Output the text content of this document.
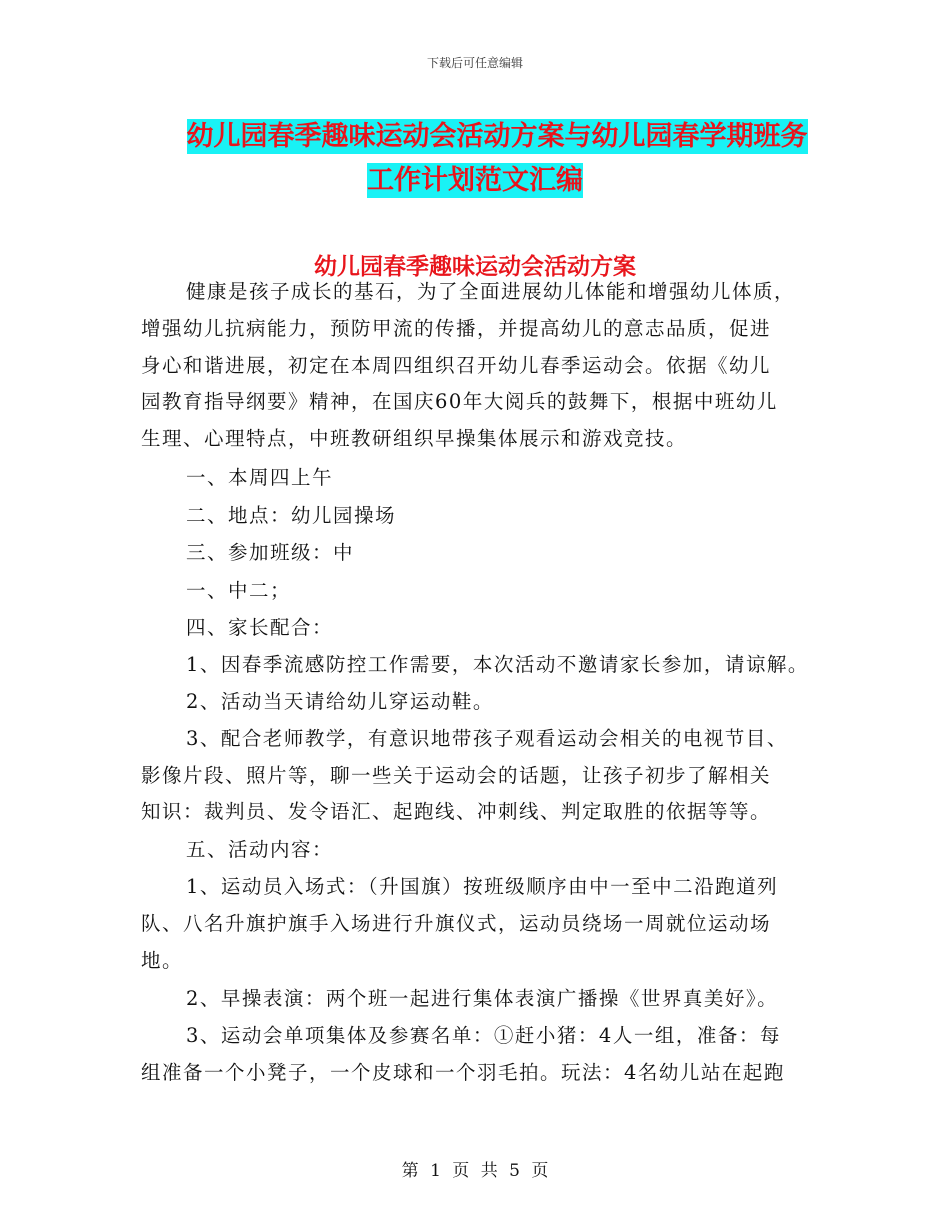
下载后可任意编辑
幼儿园春季趣味运动会活动方案与幼儿园春学期班务
工作计划范文汇编
幼儿园春季趣味运动会活动方案
健康是孩子成长的基石，为了全面进展幼儿体能和增强幼儿体质，
增强幼儿抗病能力，预防甲流的传播，并提高幼儿的意志品质，促进
身心和谐进展，初定在本周四组织召开幼儿春季运动会。依据《幼儿
园教育指导纲要》精神，在国庆60年大阅兵的鼓舞下，根据中班幼儿
生理、心理特点，中班教研组织早操集体展示和游戏竞技。
一、本周四上午
二、地点：幼儿园操场
三、参加班级：中
一、中二；
四、家长配合：
1、因春季流感防控工作需要，本次活动不邀请家长参加，请谅解。
2、活动当天请给幼儿穿运动鞋。
3、配合老师教学，有意识地带孩子观看运动会相关的电视节目、
影像片段、照片等，聊一些关于运动会的话题，让孩子初步了解相关
知识：裁判员、发令语汇、起跑线、冲刺线、判定取胜的依据等等。
五、活动内容：
1、运动员入场式：（升国旗）按班级顺序由中一至中二沿跑道列
队、八名升旗护旗手入场进行升旗仪式，运动员绕场一周就位运动场
地。
2、早操表演：两个班一起进行集体表演广播操《世界真美好》。
3、运动会单项集体及参赛名单：①赶小猪：4人一组，准备：每
组准备一个小凳子，一个皮球和一个羽毛拍。玩法：4名幼儿站在起跑
第 1 页 共 5 页
